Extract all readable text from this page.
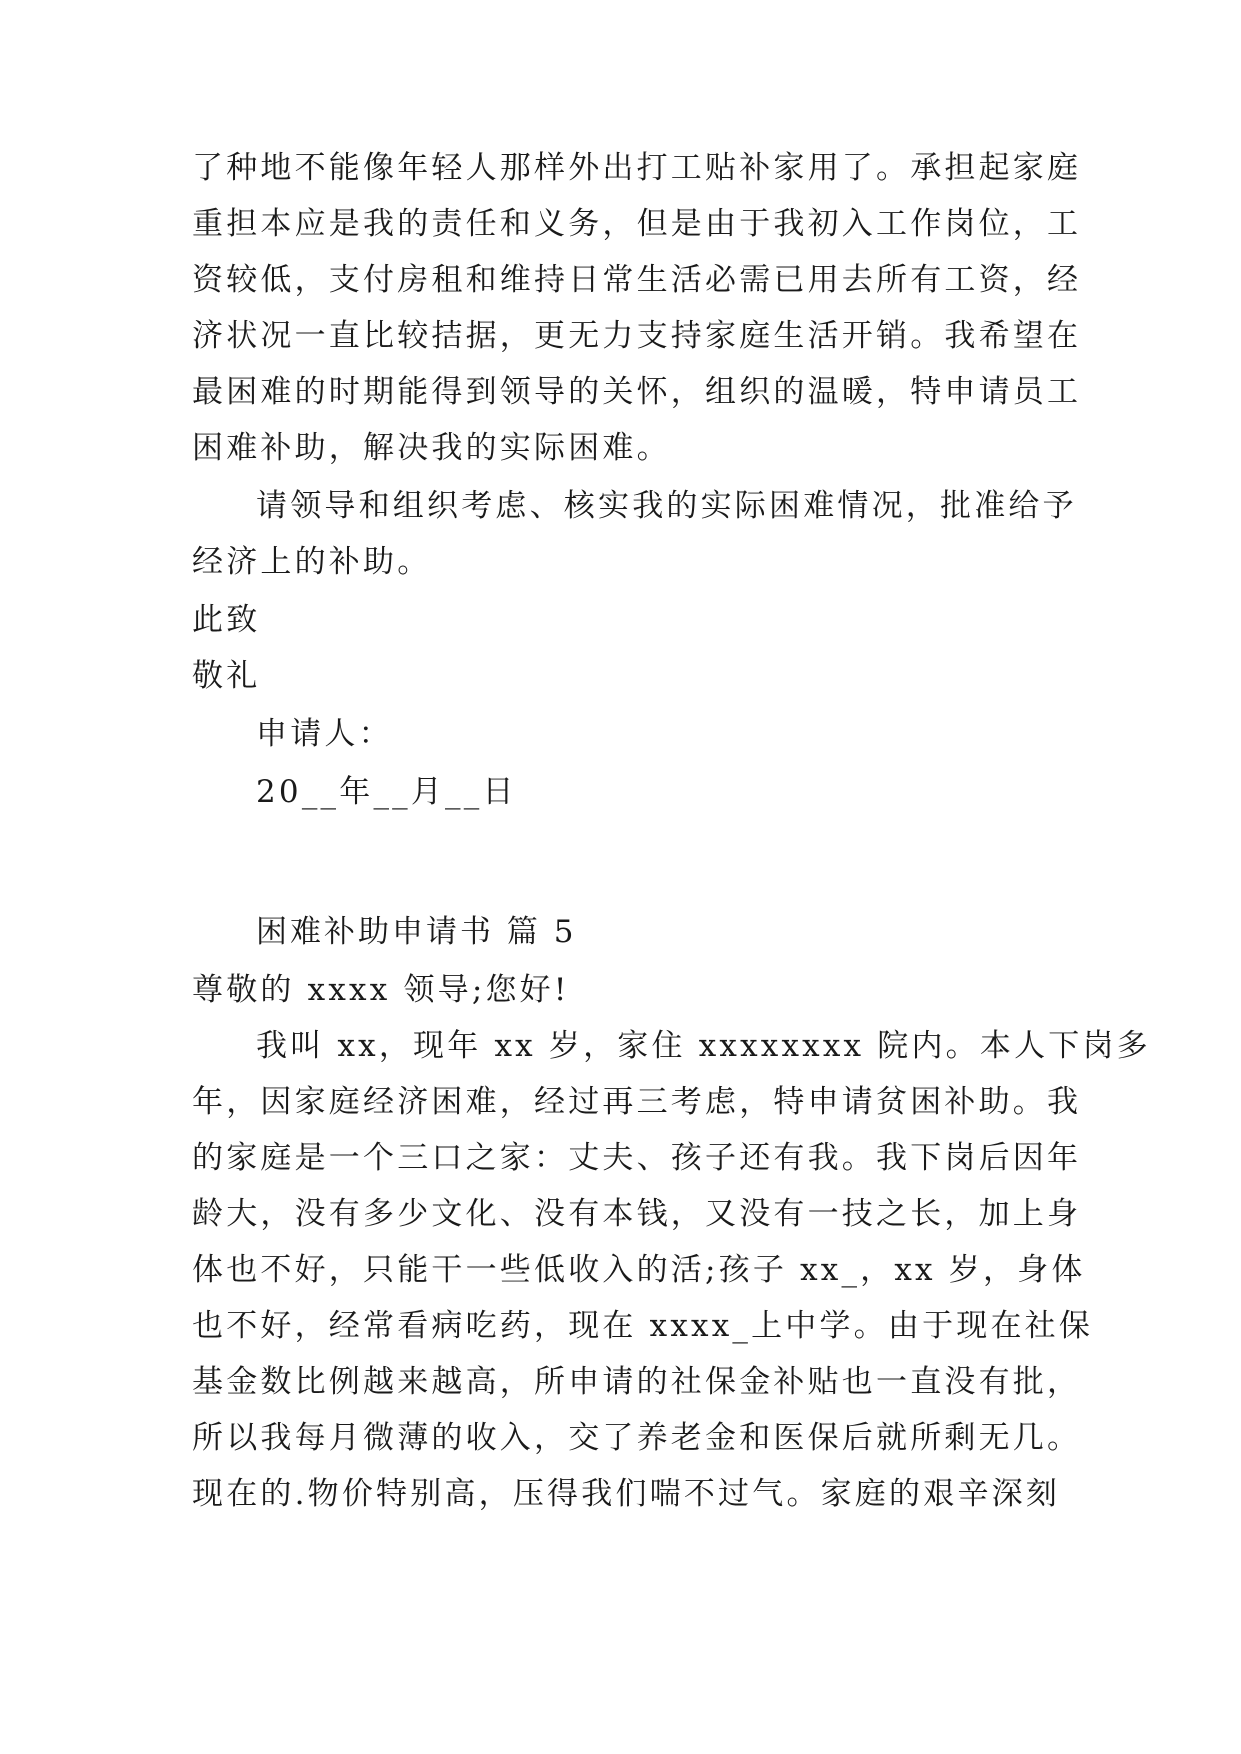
了种地不能像年轻人那样外出打工贴补家用了。承担起家庭
重担本应是我的责任和义务，但是由于我初入工作岗位，工
资较低，支付房租和维持日常生活必需已用去所有工资，经
济状况一直比较拮据，更无力支持家庭生活开销。我希望在
最困难的时期能得到领导的关怀，组织的温暖，特申请员工
困难补助，解决我的实际困难。
请领导和组织考虑、核实我的实际困难情况，批准给予
经济上的补助。
此致
敬礼
申请人：
20__年__月__日
困难补助申请书 篇 5
尊敬的 xxxx 领导;您好!
我叫 xx，现年 xx 岁，家住 xxxxxxxx 院内。本人下岗多
年，因家庭经济困难，经过再三考虑，特申请贫困补助。我
的家庭是一个三口之家：丈夫、孩子还有我。我下岗后因年
龄大，没有多少文化、没有本钱，又没有一技之长，加上身
体也不好，只能干一些低收入的活;孩子 xx_，xx 岁，身体
也不好，经常看病吃药，现在 xxxx_上中学。由于现在社保
基金数比例越来越高，所申请的社保金补贴也一直没有批，
所以我每月微薄的收入，交了养老金和医保后就所剩无几。
现在的.物价特别高，压得我们喘不过气。家庭的艰辛深刻
